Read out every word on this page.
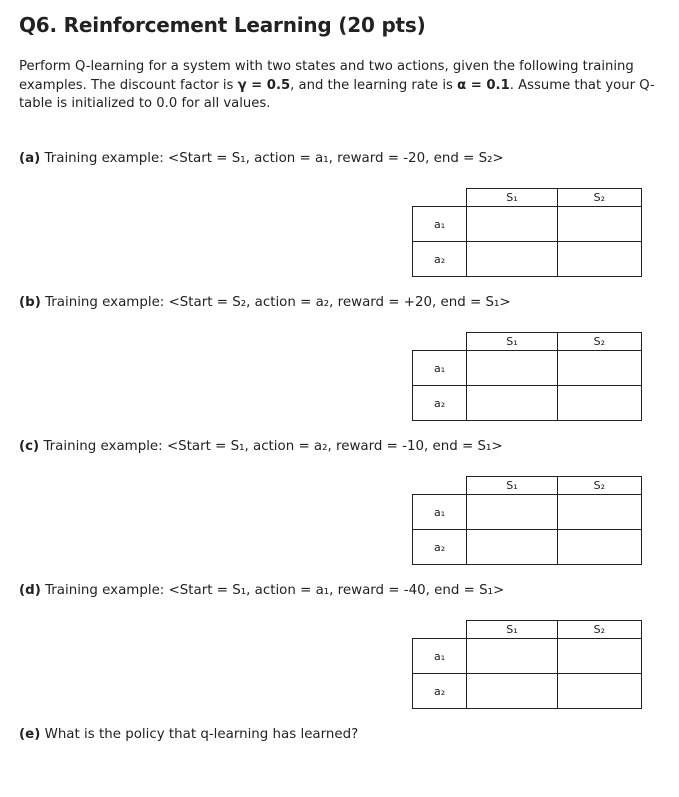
Q6. Reinforcement Learning (20 pts)
Perform Q-learning for a system with two states and two actions, given the following training examples. The discount factor is γ = 0.5, and the learning rate is α = 0.1. Assume that your Q-table is initialized to 0.0 for all values.
(a) Training example: <Start = S₁, action = a₁, reward = -20, end = S₂>
	S₁	S₂
a₁		
a₂		
(b) Training example: <Start = S₂, action = a₂, reward = +20, end = S₁>
	S₁	S₂
a₁		
a₂		
(c) Training example: <Start = S₁, action = a₂, reward = -10, end = S₁>
	S₁	S₂
a₁		
a₂		
(d) Training example: <Start = S₁, action = a₁, reward = -40, end = S₁>
	S₁	S₂
a₁		
a₂		
(e) What is the policy that q-learning has learned?
